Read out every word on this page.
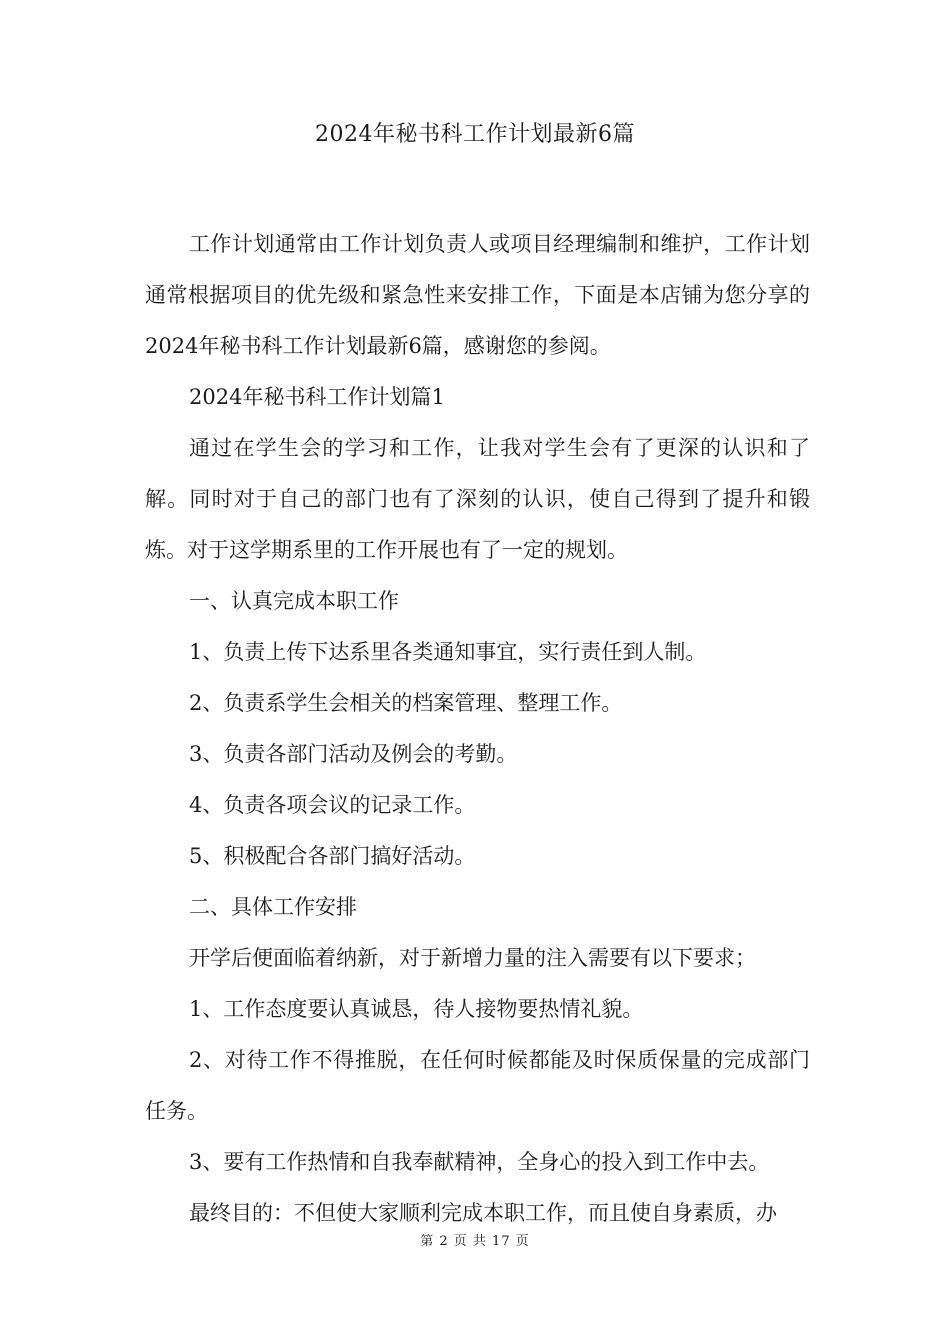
2024年秘书科工作计划最新6篇

工作计划通常由工作计划负责人或项目经理编制和维护，工作计划通常根据项目的优先级和紧急性来安排工作，下面是本店铺为您分享的2024年秘书科工作计划最新6篇，感谢您的参阅。

2024年秘书科工作计划篇1

通过在学生会的学习和工作，让我对学生会有了更深的认识和了解。同时对于自己的部门也有了深刻的认识，使自己得到了提升和锻炼。对于这学期系里的工作开展也有了一定的规划。

一、认真完成本职工作

1、负责上传下达系里各类通知事宜，实行责任到人制。

2、负责系学生会相关的档案管理、整理工作。

3、负责各部门活动及例会的考勤。

4、负责各项会议的记录工作。

5、积极配合各部门搞好活动。

二、具体工作安排

开学后便面临着纳新，对于新增力量的注入需要有以下要求；

1、工作态度要认真诚恳，待人接物要热情礼貌。

2、对待工作不得推脱，在任何时候都能及时保质保量的完成部门任务。

3、要有工作热情和自我奉献精神，全身心的投入到工作中去。

最终目的：不但使大家顺利完成本职工作，而且使自身素质，办

第 2 页 共 17 页
